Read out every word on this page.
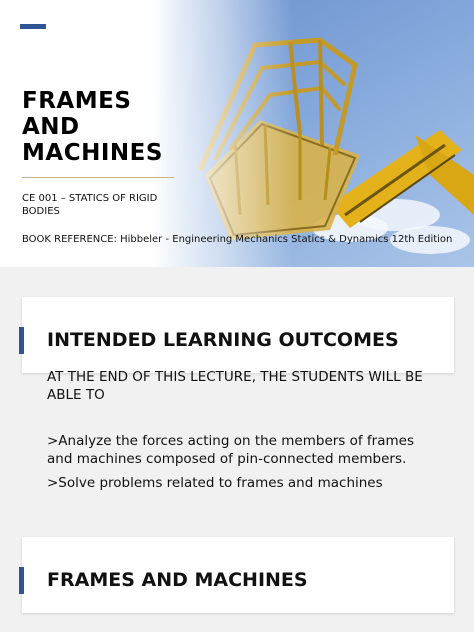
FRAMES
AND
MACHINES
CE 001 – STATICS OF RIGID BODIES
BOOK REFERENCE: Hibbeler - Engineering Mechanics Statics & Dynamics 12th Edition
INTENDED LEARNING OUTCOMES
AT THE END OF THIS LECTURE, THE STUDENTS WILL BE ABLE TO
>Analyze the forces acting on the members of frames and machines composed of pin-connected members.
>Solve problems related to frames and machines
FRAMES AND MACHINES
